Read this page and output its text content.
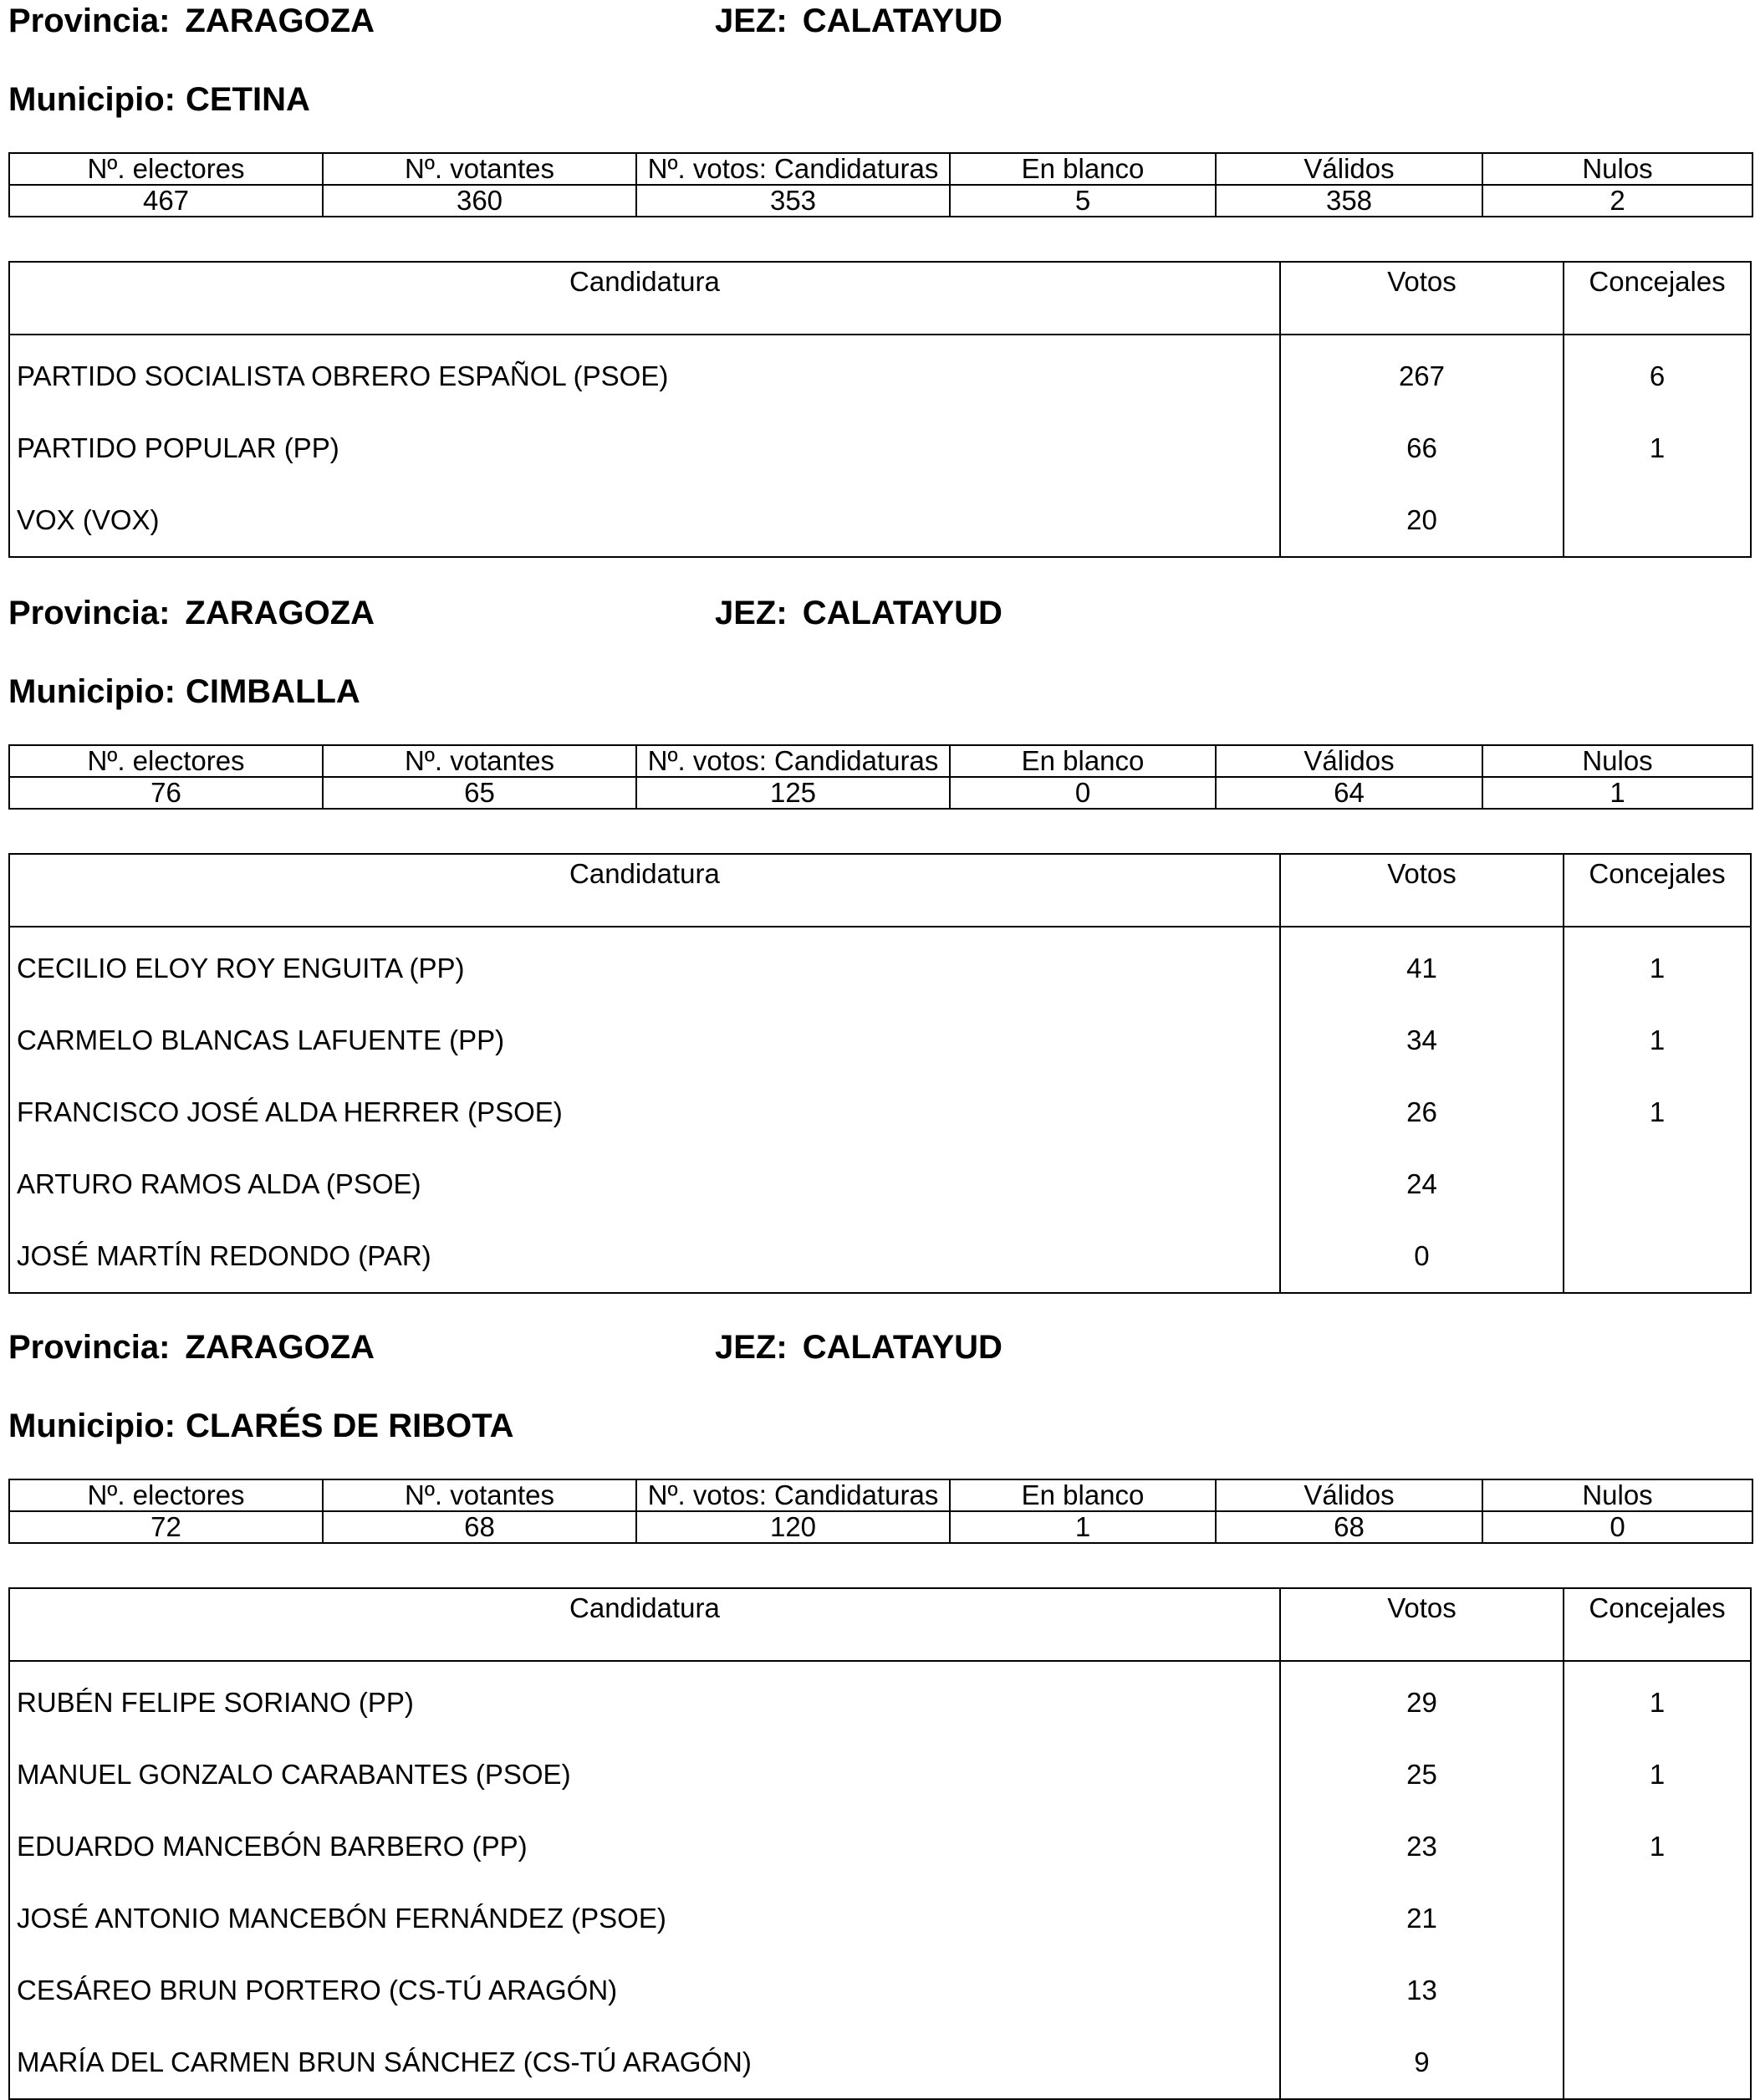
Provincia: ZARAGOZA	JEZ: CALATAYUD
Municipio: CETINA
Nº. electores	Nº. votantes	Nº. votos: Candidaturas	En blanco	Válidos	Nulos
467	360	353	5	358	2
Candidatura	Votos	Concejales
PARTIDO SOCIALISTA OBRERO ESPAÑOL (PSOE)	267	6
PARTIDO POPULAR (PP)	66	1
VOX (VOX)	20	
Provincia: ZARAGOZA	JEZ: CALATAYUD
Municipio: CIMBALLA
Nº. electores	Nº. votantes	Nº. votos: Candidaturas	En blanco	Válidos	Nulos
76	65	125	0	64	1
Candidatura	Votos	Concejales
CECILIO ELOY ROY ENGUITA (PP)	41	1
CARMELO BLANCAS LAFUENTE (PP)	34	1
FRANCISCO JOSÉ ALDA HERRER (PSOE)	26	1
ARTURO RAMOS ALDA (PSOE)	24	
JOSÉ MARTÍN REDONDO (PAR)	0	
Provincia: ZARAGOZA	JEZ: CALATAYUD
Municipio: CLARÉS DE RIBOTA
Nº. electores	Nº. votantes	Nº. votos: Candidaturas	En blanco	Válidos	Nulos
72	68	120	1	68	0
Candidatura	Votos	Concejales
RUBÉN FELIPE SORIANO (PP)	29	1
MANUEL GONZALO CARABANTES (PSOE)	25	1
EDUARDO MANCEBÓN BARBERO (PP)	23	1
JOSÉ ANTONIO MANCEBÓN FERNÁNDEZ (PSOE)	21	
CESÁREO BRUN PORTERO (CS-TÚ ARAGÓN)	13	
MARÍA DEL CARMEN BRUN SÁNCHEZ (CS-TÚ ARAGÓN)	9	
